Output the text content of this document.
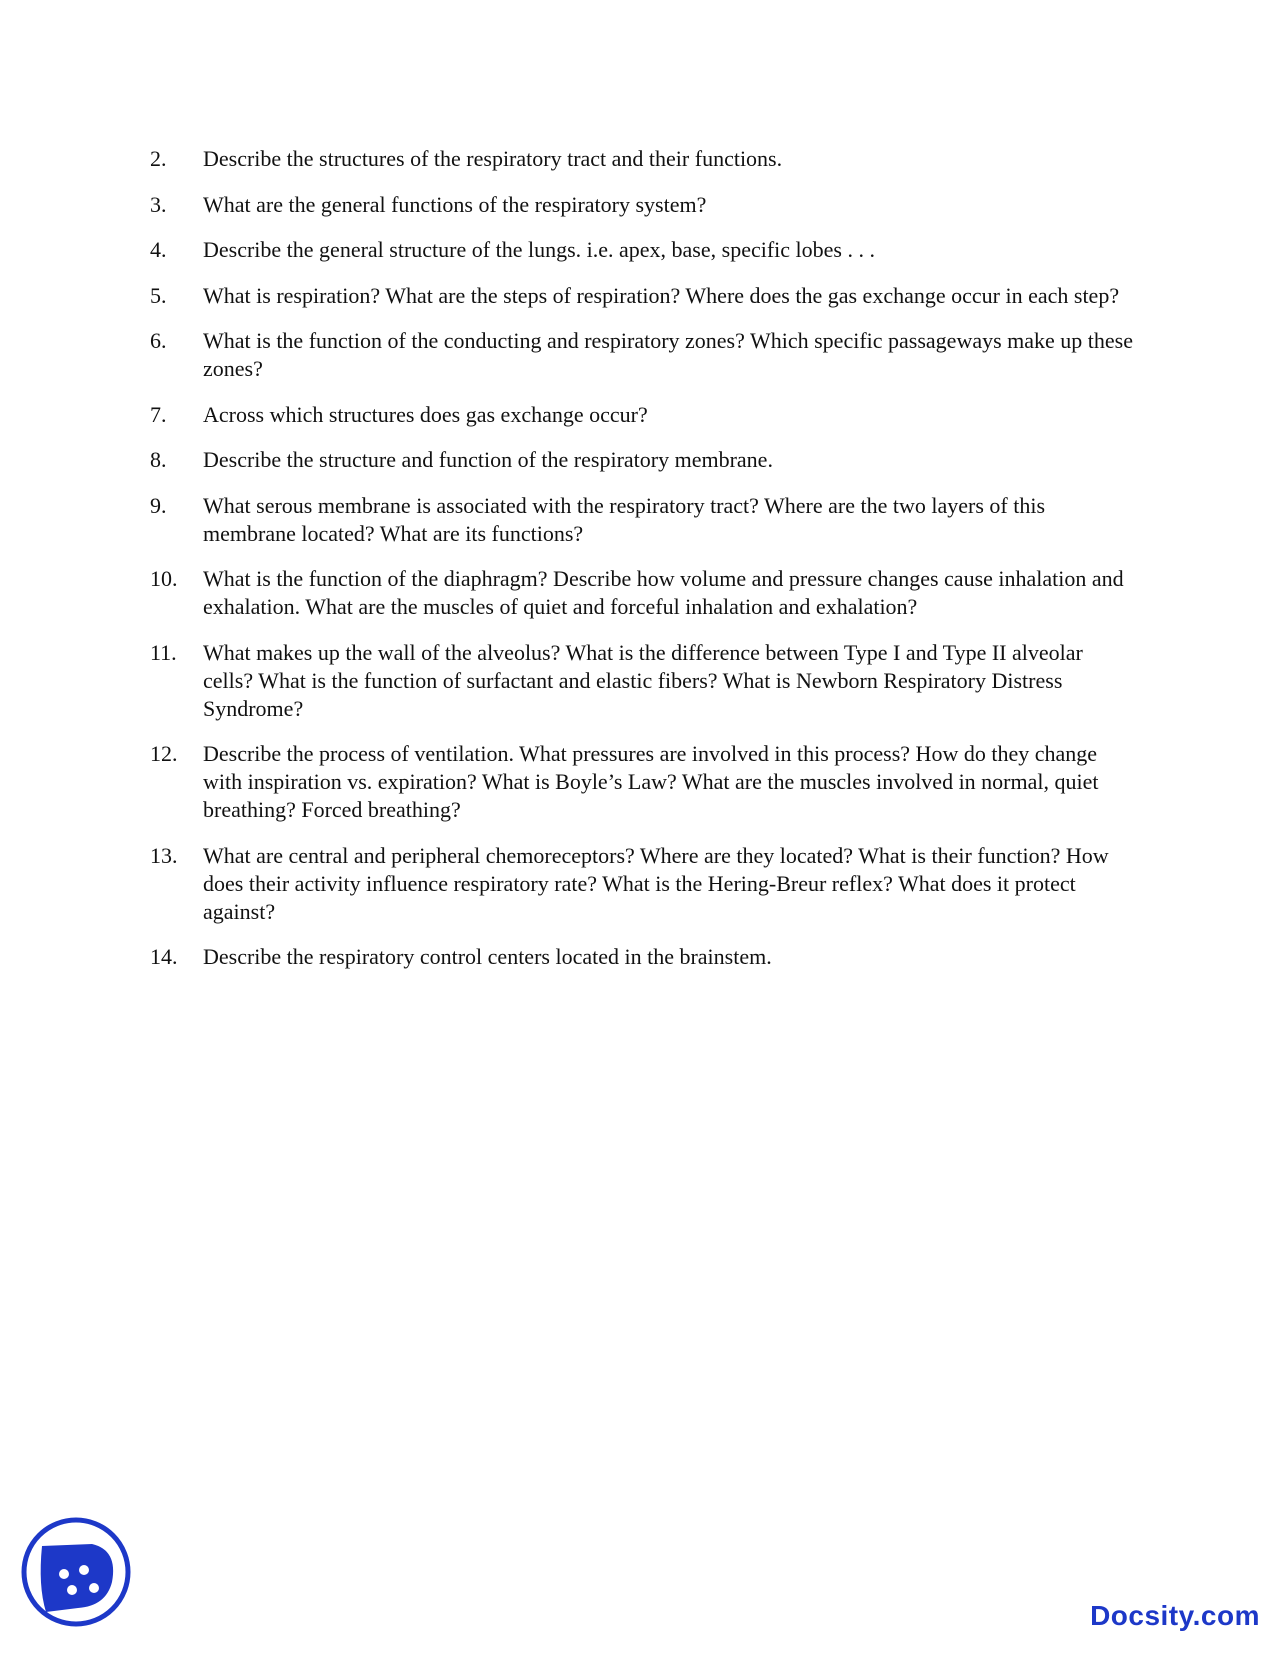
2.	Describe the structures of the respiratory tract and their functions.
3.	What are the general functions of the respiratory system?
4.	Describe the general structure of the lungs. i.e. apex, base, specific lobes . . .
5.	What is respiration? What are the steps of respiration? Where does the gas exchange occur in each step?
6.	What is the function of the conducting and respiratory zones? Which specific passageways make up these zones?
7.	Across which structures does gas exchange occur?
8.	Describe the structure and function of the respiratory membrane.
9.	What serous membrane is associated with the respiratory tract? Where are the two layers of this membrane located? What are its functions?
10.	What is the function of the diaphragm? Describe how volume and pressure changes cause inhalation and exhalation. What are the muscles of quiet and forceful inhalation and exhalation?
11.	What makes up the wall of the alveolus? What is the difference between Type I and Type II alveolar cells? What is the function of surfactant and elastic fibers? What is Newborn Respiratory Distress Syndrome?
12.	Describe the process of ventilation. What pressures are involved in this process? How do they change with inspiration vs. expiration? What is Boyle’s Law? What are the muscles involved in normal, quiet breathing? Forced breathing?
13.	What are central and peripheral chemoreceptors? Where are they located? What is their function? How does their activity influence respiratory rate? What is the Hering-Breur reflex? What does it protect against?
14.	Describe the respiratory control centers located in the brainstem.
Docsity.com
